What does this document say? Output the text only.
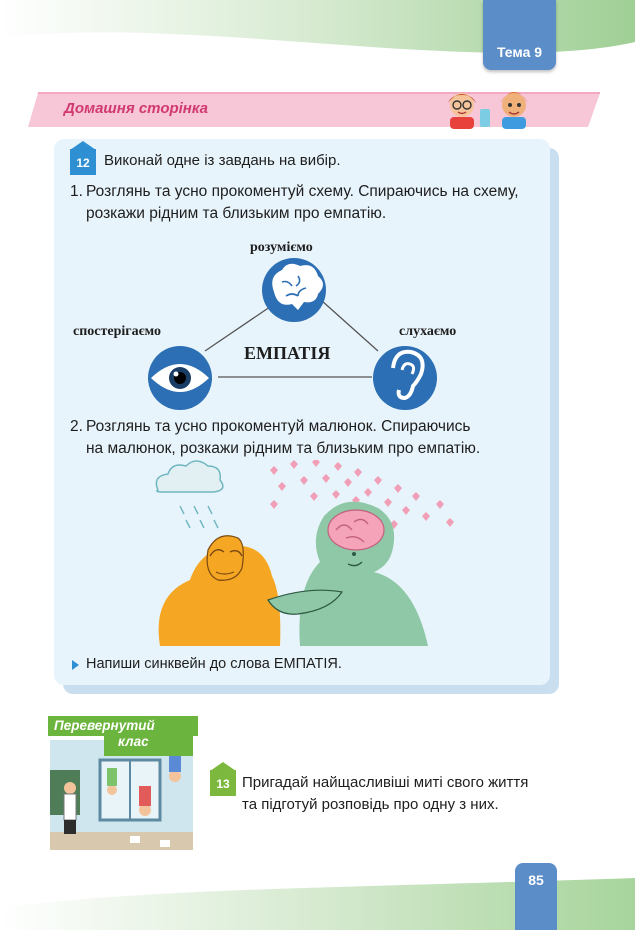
Тема 9
Домашня сторінка
12 Виконай одне із завдань на вибір.
1. Розглянь та усно прокоментуй схему. Спираючись на схему,
розкажи рідним та близьким про емпатію.
розуміємо
спостерігаємо	слухаємо
ЕМПАТІЯ
2. Розглянь та усно прокоментуй малюнок. Спираючись
на малюнок, розкажи рідним та близьким про емпатію.
Напиши синквейн до слова ЕМПАТІЯ.
Перевернутий
клас
13 Пригадай найщасливіші миті свого життя
та підготуй розповідь про одну з них.
85
